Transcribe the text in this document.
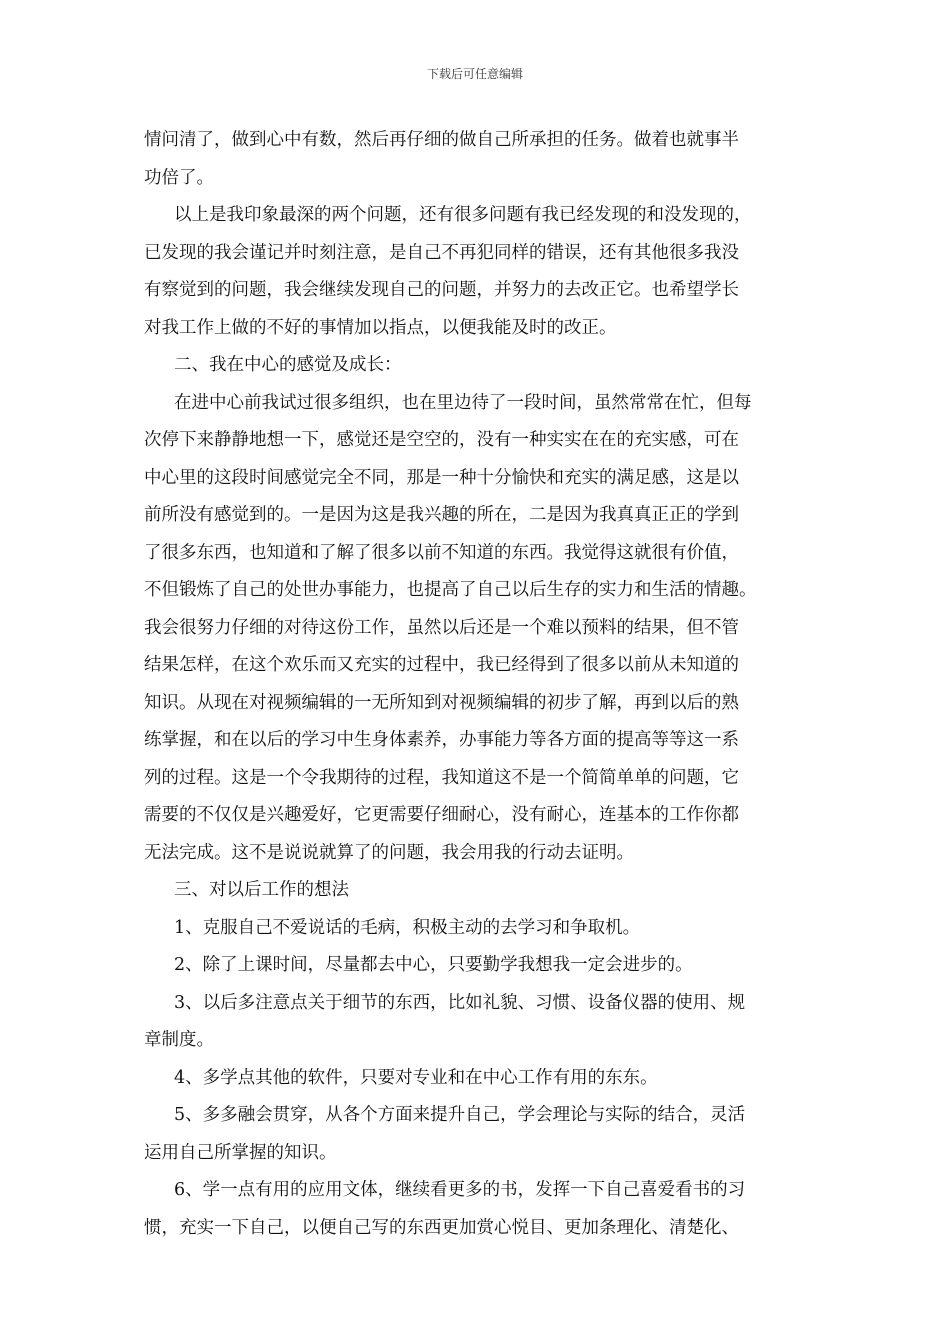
下载后可任意编辑
情问清了，做到心中有数，然后再仔细的做自己所承担的任务。做着也就事半
功倍了。
以上是我印象最深的两个问题，还有很多问题有我已经发现的和没发现的，
已发现的我会谨记并时刻注意，是自己不再犯同样的错误，还有其他很多我没
有察觉到的问题，我会继续发现自己的问题，并努力的去改正它。也希望学长
对我工作上做的不好的事情加以指点，以便我能及时的改正。
二、我在中心的感觉及成长：
在进中心前我试过很多组织，也在里边待了一段时间，虽然常常在忙，但每
次停下来静静地想一下，感觉还是空空的，没有一种实实在在的充实感，可在
中心里的这段时间感觉完全不同，那是一种十分愉快和充实的满足感，这是以
前所没有感觉到的。一是因为这是我兴趣的所在，二是因为我真真正正的学到
了很多东西，也知道和了解了很多以前不知道的东西。我觉得这就很有价值，
不但锻炼了自己的处世办事能力，也提高了自己以后生存的实力和生活的情趣。
我会很努力仔细的对待这份工作，虽然以后还是一个难以预料的结果，但不管
结果怎样，在这个欢乐而又充实的过程中，我已经得到了很多以前从未知道的
知识。从现在对视频编辑的一无所知到对视频编辑的初步了解，再到以后的熟
练掌握，和在以后的学习中生身体素养，办事能力等各方面的提高等等这一系
列的过程。这是一个令我期待的过程，我知道这不是一个简简单单的问题，它
需要的不仅仅是兴趣爱好，它更需要仔细耐心，没有耐心，连基本的工作你都
无法完成。这不是说说就算了的问题，我会用我的行动去证明。
三、对以后工作的想法
1、克服自己不爱说话的毛病，积极主动的去学习和争取机。
2、除了上课时间，尽量都去中心，只要勤学我想我一定会进步的。
3、以后多注意点关于细节的东西，比如礼貌、习惯、设备仪器的使用、规
章制度。
4、多学点其他的软件，只要对专业和在中心工作有用的东东。
5、多多融会贯穿，从各个方面来提升自己，学会理论与实际的结合，灵活
运用自己所掌握的知识。
6、学一点有用的应用文体，继续看更多的书，发挥一下自己喜爱看书的习
惯，充实一下自己，以便自己写的东西更加赏心悦目、更加条理化、清楚化、
